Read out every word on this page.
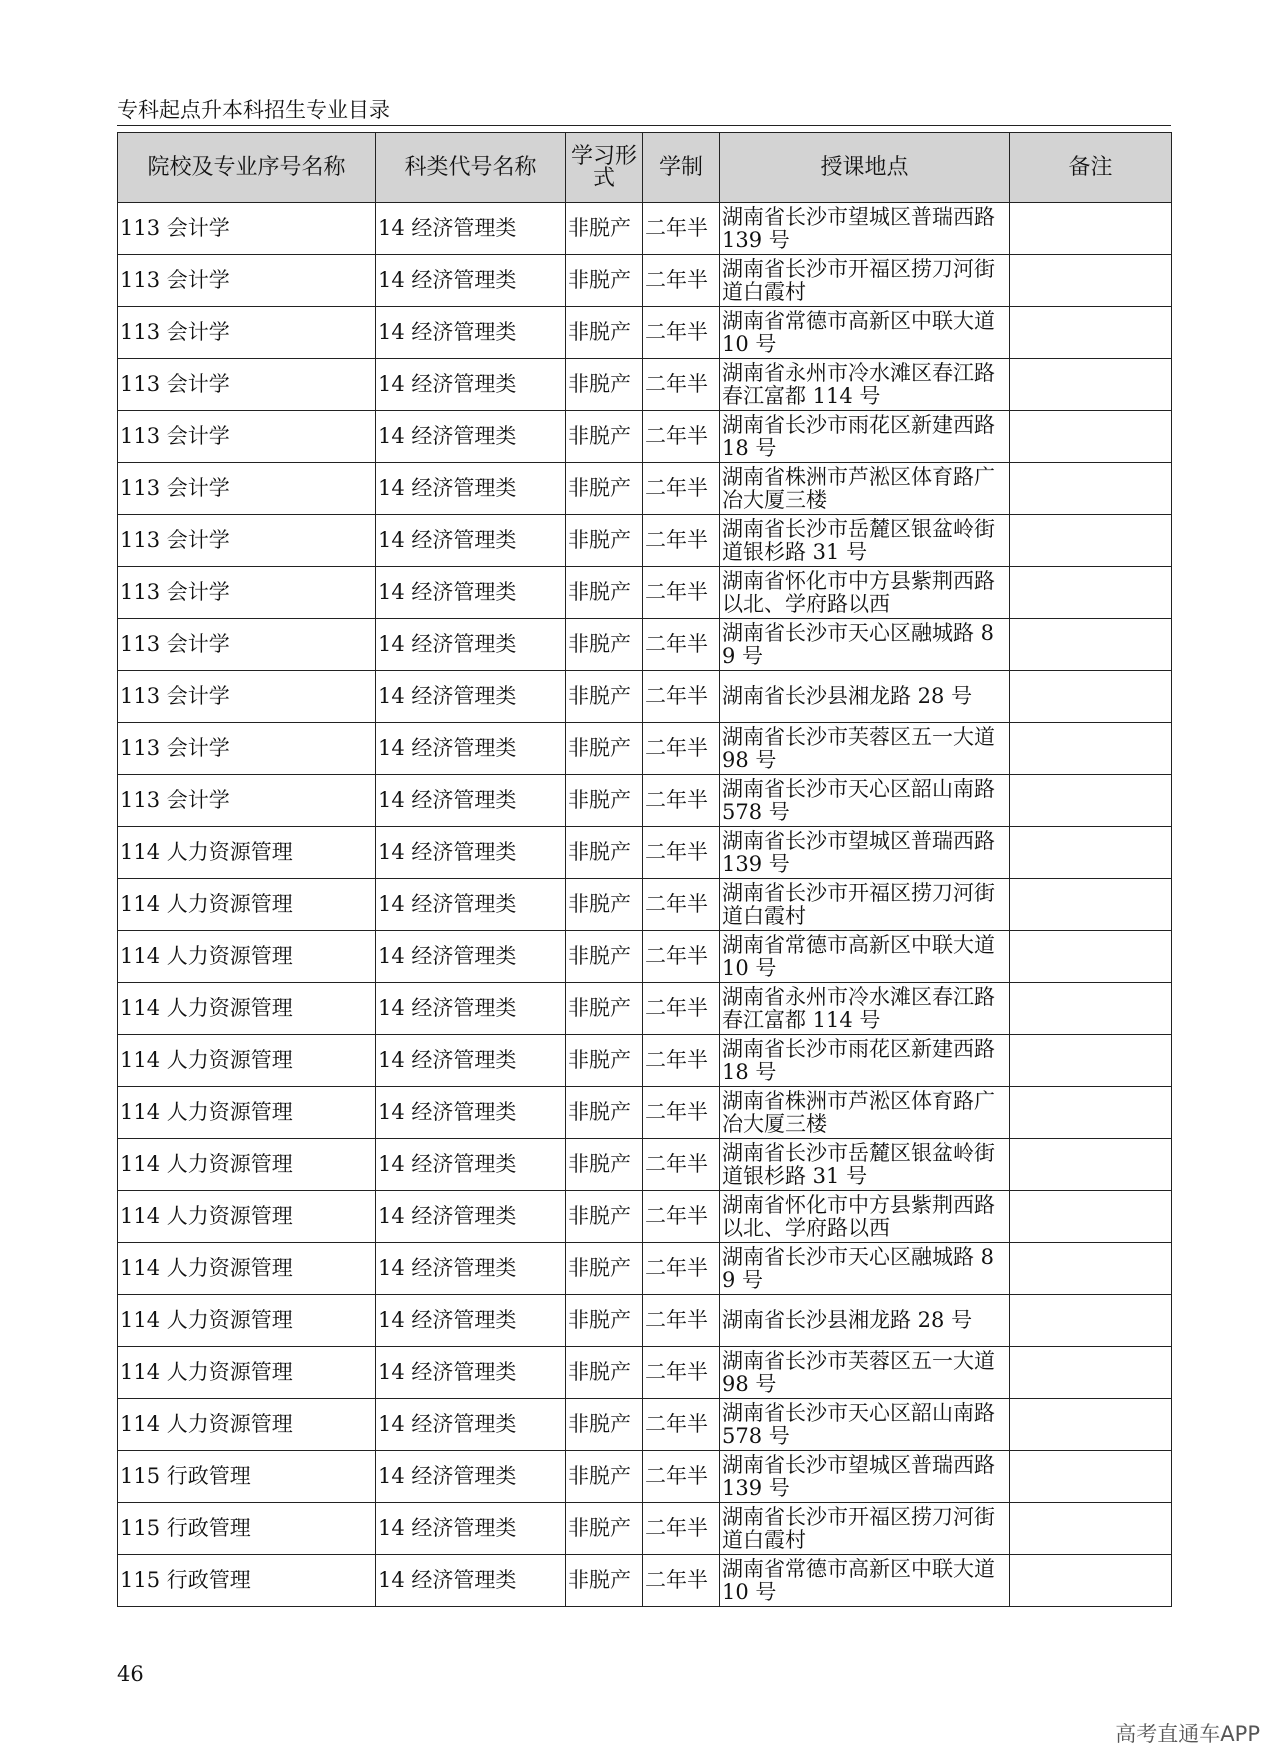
专科起点升本科招生专业目录
院校及专业序号名称	科类代号名称	学习形式	学制	授课地点	备注
113 会计学	14 经济管理类	非脱产	二年半	湖南省长沙市望城区普瑞西路 139 号	
113 会计学	14 经济管理类	非脱产	二年半	湖南省长沙市开福区捞刀河街道白霞村	
113 会计学	14 经济管理类	非脱产	二年半	湖南省常德市高新区中联大道 10 号	
113 会计学	14 经济管理类	非脱产	二年半	湖南省永州市冷水滩区春江路春江富都 114 号	
113 会计学	14 经济管理类	非脱产	二年半	湖南省长沙市雨花区新建西路 18 号	
113 会计学	14 经济管理类	非脱产	二年半	湖南省株洲市芦淞区体育路广冶大厦三楼	
113 会计学	14 经济管理类	非脱产	二年半	湖南省长沙市岳麓区银盆岭街道银杉路 31 号	
113 会计学	14 经济管理类	非脱产	二年半	湖南省怀化市中方县紫荆西路以北、学府路以西	
113 会计学	14 经济管理类	非脱产	二年半	湖南省长沙市天心区融城路 89 号	
113 会计学	14 经济管理类	非脱产	二年半	湖南省长沙县湘龙路 28 号	
113 会计学	14 经济管理类	非脱产	二年半	湖南省长沙市芙蓉区五一大道 98 号	
113 会计学	14 经济管理类	非脱产	二年半	湖南省长沙市天心区韶山南路 578 号	
114 人力资源管理	14 经济管理类	非脱产	二年半	湖南省长沙市望城区普瑞西路 139 号	
114 人力资源管理	14 经济管理类	非脱产	二年半	湖南省长沙市开福区捞刀河街道白霞村	
114 人力资源管理	14 经济管理类	非脱产	二年半	湖南省常德市高新区中联大道 10 号	
114 人力资源管理	14 经济管理类	非脱产	二年半	湖南省永州市冷水滩区春江路春江富都 114 号	
114 人力资源管理	14 经济管理类	非脱产	二年半	湖南省长沙市雨花区新建西路 18 号	
114 人力资源管理	14 经济管理类	非脱产	二年半	湖南省株洲市芦淞区体育路广冶大厦三楼	
114 人力资源管理	14 经济管理类	非脱产	二年半	湖南省长沙市岳麓区银盆岭街道银杉路 31 号	
114 人力资源管理	14 经济管理类	非脱产	二年半	湖南省怀化市中方县紫荆西路以北、学府路以西	
114 人力资源管理	14 经济管理类	非脱产	二年半	湖南省长沙市天心区融城路 89 号	
114 人力资源管理	14 经济管理类	非脱产	二年半	湖南省长沙县湘龙路 28 号	
114 人力资源管理	14 经济管理类	非脱产	二年半	湖南省长沙市芙蓉区五一大道 98 号	
114 人力资源管理	14 经济管理类	非脱产	二年半	湖南省长沙市天心区韶山南路 578 号	
115 行政管理	14 经济管理类	非脱产	二年半	湖南省长沙市望城区普瑞西路 139 号	
115 行政管理	14 经济管理类	非脱产	二年半	湖南省长沙市开福区捞刀河街道白霞村	
115 行政管理	14 经济管理类	非脱产	二年半	湖南省常德市高新区中联大道 10 号	
46
高考直通车APP
